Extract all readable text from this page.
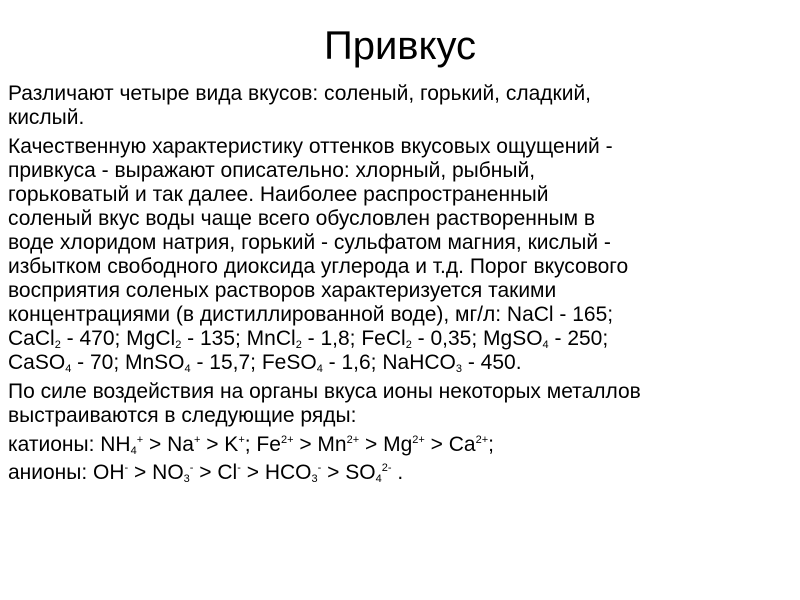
Привкус

Различают четыре вида вкусов: соленый, горький, сладкий,
кислый.

Качественную характеристику оттенков вкусовых ощущений -
привкуса - выражают описательно: хлорный, рыбный,
горьковатый и так далее. Наиболее распространенный
соленый вкус воды чаще всего обусловлен растворенным в
воде хлоридом натрия, горький - сульфатом магния, кислый -
избытком свободного диоксида углерода и т.д. Порог вкусового
восприятия соленых растворов характеризуется такими
концентрациями (в дистиллированной воде), мг/л: NaCl - 165;
CaCl$_2$ - 470; MgCl$_2$ - 135; MnCl$_2$ - 1,8; FeCl$_2$ - 0,35; MgSO$_4$ - 250;
CaSO$_4$ - 70; MnSO$_4$ - 15,7; FeSO$_4$ - 1,6; NaHCO$_3$ - 450.

По силе воздействия на органы вкуса ионы некоторых металлов
выстраиваются в следующие ряды:

катионы: $NH_4^+ > Na^+ > K^+$; $Fe^{2+} > Mn^{2+} > Mg^{2+} > Ca^{2+}$;

анионы: $OH^- > NO_3^- > Cl^- > HCO_3^- > SO_4^{2-}$ .
